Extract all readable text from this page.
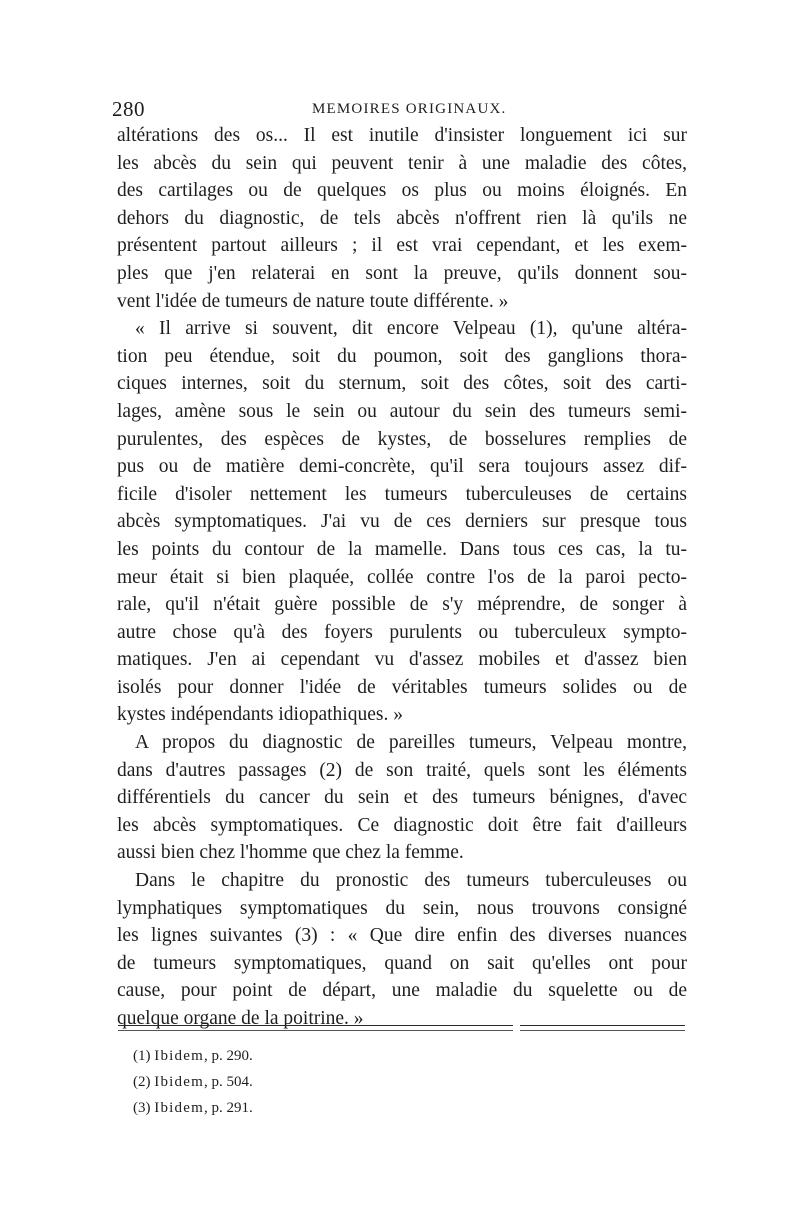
280	MEMOIRES ORIGINAUX.
altérations des os... Il est inutile d'insister longuement ici sur
les abcès du sein qui peuvent tenir à une maladie des côtes,
des cartilages ou de quelques os plus ou moins éloignés. En
dehors du diagnostic, de tels abcès n'offrent rien là qu'ils ne
présentent partout ailleurs ; il est vrai cependant, et les exem-
ples que j'en relaterai en sont la preuve, qu'ils donnent sou-
vent l'idée de tumeurs de nature toute différente. »
« Il arrive si souvent, dit encore Velpeau (1), qu'une altéra-
tion peu étendue, soit du poumon, soit des ganglions thora-
ciques internes, soit du sternum, soit des côtes, soit des carti-
lages, amène sous le sein ou autour du sein des tumeurs semi-
purulentes, des espèces de kystes, de bosselures remplies de
pus ou de matière demi-concrète, qu'il sera toujours assez dif-
ficile d'isoler nettement les tumeurs tuberculeuses de certains
abcès symptomatiques. J'ai vu de ces derniers sur presque tous
les points du contour de la mamelle. Dans tous ces cas, la tu-
meur était si bien plaquée, collée contre l'os de la paroi pecto-
rale, qu'il n'était guère possible de s'y méprendre, de songer à
autre chose qu'à des foyers purulents ou tuberculeux sympto-
matiques. J'en ai cependant vu d'assez mobiles et d'assez bien
isolés pour donner l'idée de véritables tumeurs solides ou de
kystes indépendants idiopathiques. »
A propos du diagnostic de pareilles tumeurs, Velpeau montre,
dans d'autres passages (2) de son traité, quels sont les éléments
différentiels du cancer du sein et des tumeurs bénignes, d'avec
les abcès symptomatiques. Ce diagnostic doit être fait d'ailleurs
aussi bien chez l'homme que chez la femme.
Dans le chapitre du pronostic des tumeurs tuberculeuses ou
lymphatiques symptomatiques du sein, nous trouvons consigné
les lignes suivantes (3) : « Que dire enfin des diverses nuances
de tumeurs symptomatiques, quand on sait qu'elles ont pour
cause, pour point de départ, une maladie du squelette ou de
quelque organe de la poitrine. »
(1) Ibidem, p. 290.
(2) Ibidem, p. 504.
(3) Ibidem, p. 291.
